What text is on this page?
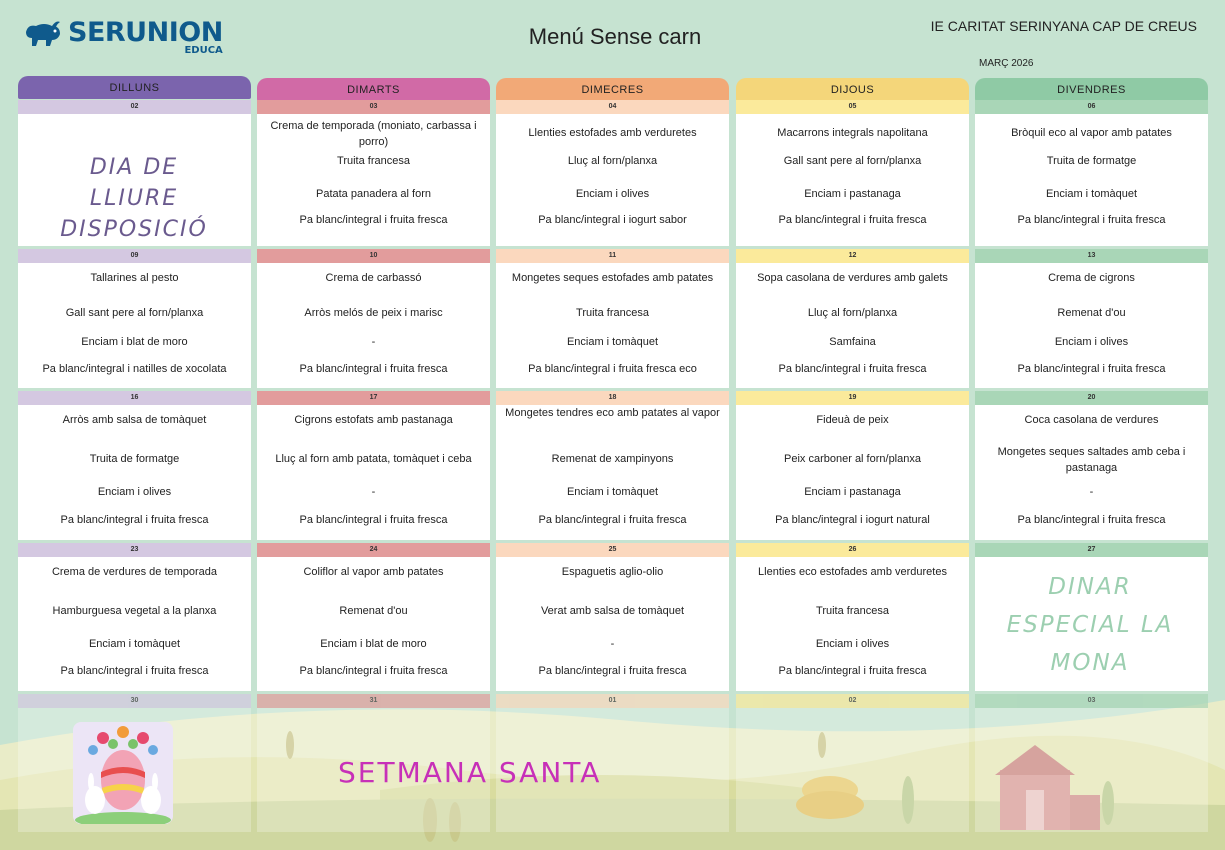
SERUNION
EDUCA
Menú Sense carn	IE CARITAT SERINYANA CAP DE CREUS
MARÇ 2026
DILLUNS	DIMARTS	DIMECRES	DIJOUS	DIVENDRES
02
DIA DE LLIURE DISPOSICIÓ
03
Crema de temporada (moniato, carbassa i porro)
Truita francesa
Patata panadera al forn
Pa blanc/integral i fruita fresca
04
Llenties estofades amb verduretes
Lluç al forn/planxa
Enciam i olives
Pa blanc/integral i iogurt sabor
05
Macarrons integrals napolitana
Gall sant pere al forn/planxa
Enciam i pastanaga
Pa blanc/integral i fruita fresca
06
Bròquil eco al vapor amb patates
Truita de formatge
Enciam i tomàquet
Pa blanc/integral i fruita fresca
09
Tallarines al pesto
Gall sant pere al forn/planxa
Enciam i blat de moro
Pa blanc/integral i natilles de xocolata
10
Crema de carbassó
Arròs melós de peix i marisc
-
Pa blanc/integral i fruita fresca
11
Mongetes seques estofades amb patates
Truita francesa
Enciam i tomàquet
Pa blanc/integral i fruita fresca eco
12
Sopa casolana de verdures amb galets
Lluç al forn/planxa
Samfaina
Pa blanc/integral i fruita fresca
13
Crema de cigrons
Remenat d'ou
Enciam i olives
Pa blanc/integral i fruita fresca
16
Arròs amb salsa de tomàquet
Truita de formatge
Enciam i olives
Pa blanc/integral i fruita fresca
17
Cigrons estofats amb pastanaga
Lluç al forn amb patata, tomàquet i ceba
-
Pa blanc/integral i fruita fresca
18
Mongetes tendres eco amb patates al vapor
Remenat de xampinyons
Enciam i tomàquet
Pa blanc/integral i fruita fresca
19
Fideuà de peix
Peix carboner al forn/planxa
Enciam i pastanaga
Pa blanc/integral i iogurt natural
20
Coca casolana de verdures
Mongetes seques saltades amb ceba i pastanaga
-
Pa blanc/integral i fruita fresca
23
Crema de verdures de temporada
Hamburguesa vegetal a la planxa
Enciam i tomàquet
Pa blanc/integral i fruita fresca
24
Coliflor al vapor amb patates
Remenat d'ou
Enciam i blat de moro
Pa blanc/integral i fruita fresca
25
Espaguetis aglio-olio
Verat amb salsa de tomàquet
-
Pa blanc/integral i fruita fresca
26
Llenties eco estofades amb verduretes
Truita francesa
Enciam i olives
Pa blanc/integral i fruita fresca
27
DINAR ESPECIAL LA MONA
30	31	01	02	03
SETMANA SANTA
